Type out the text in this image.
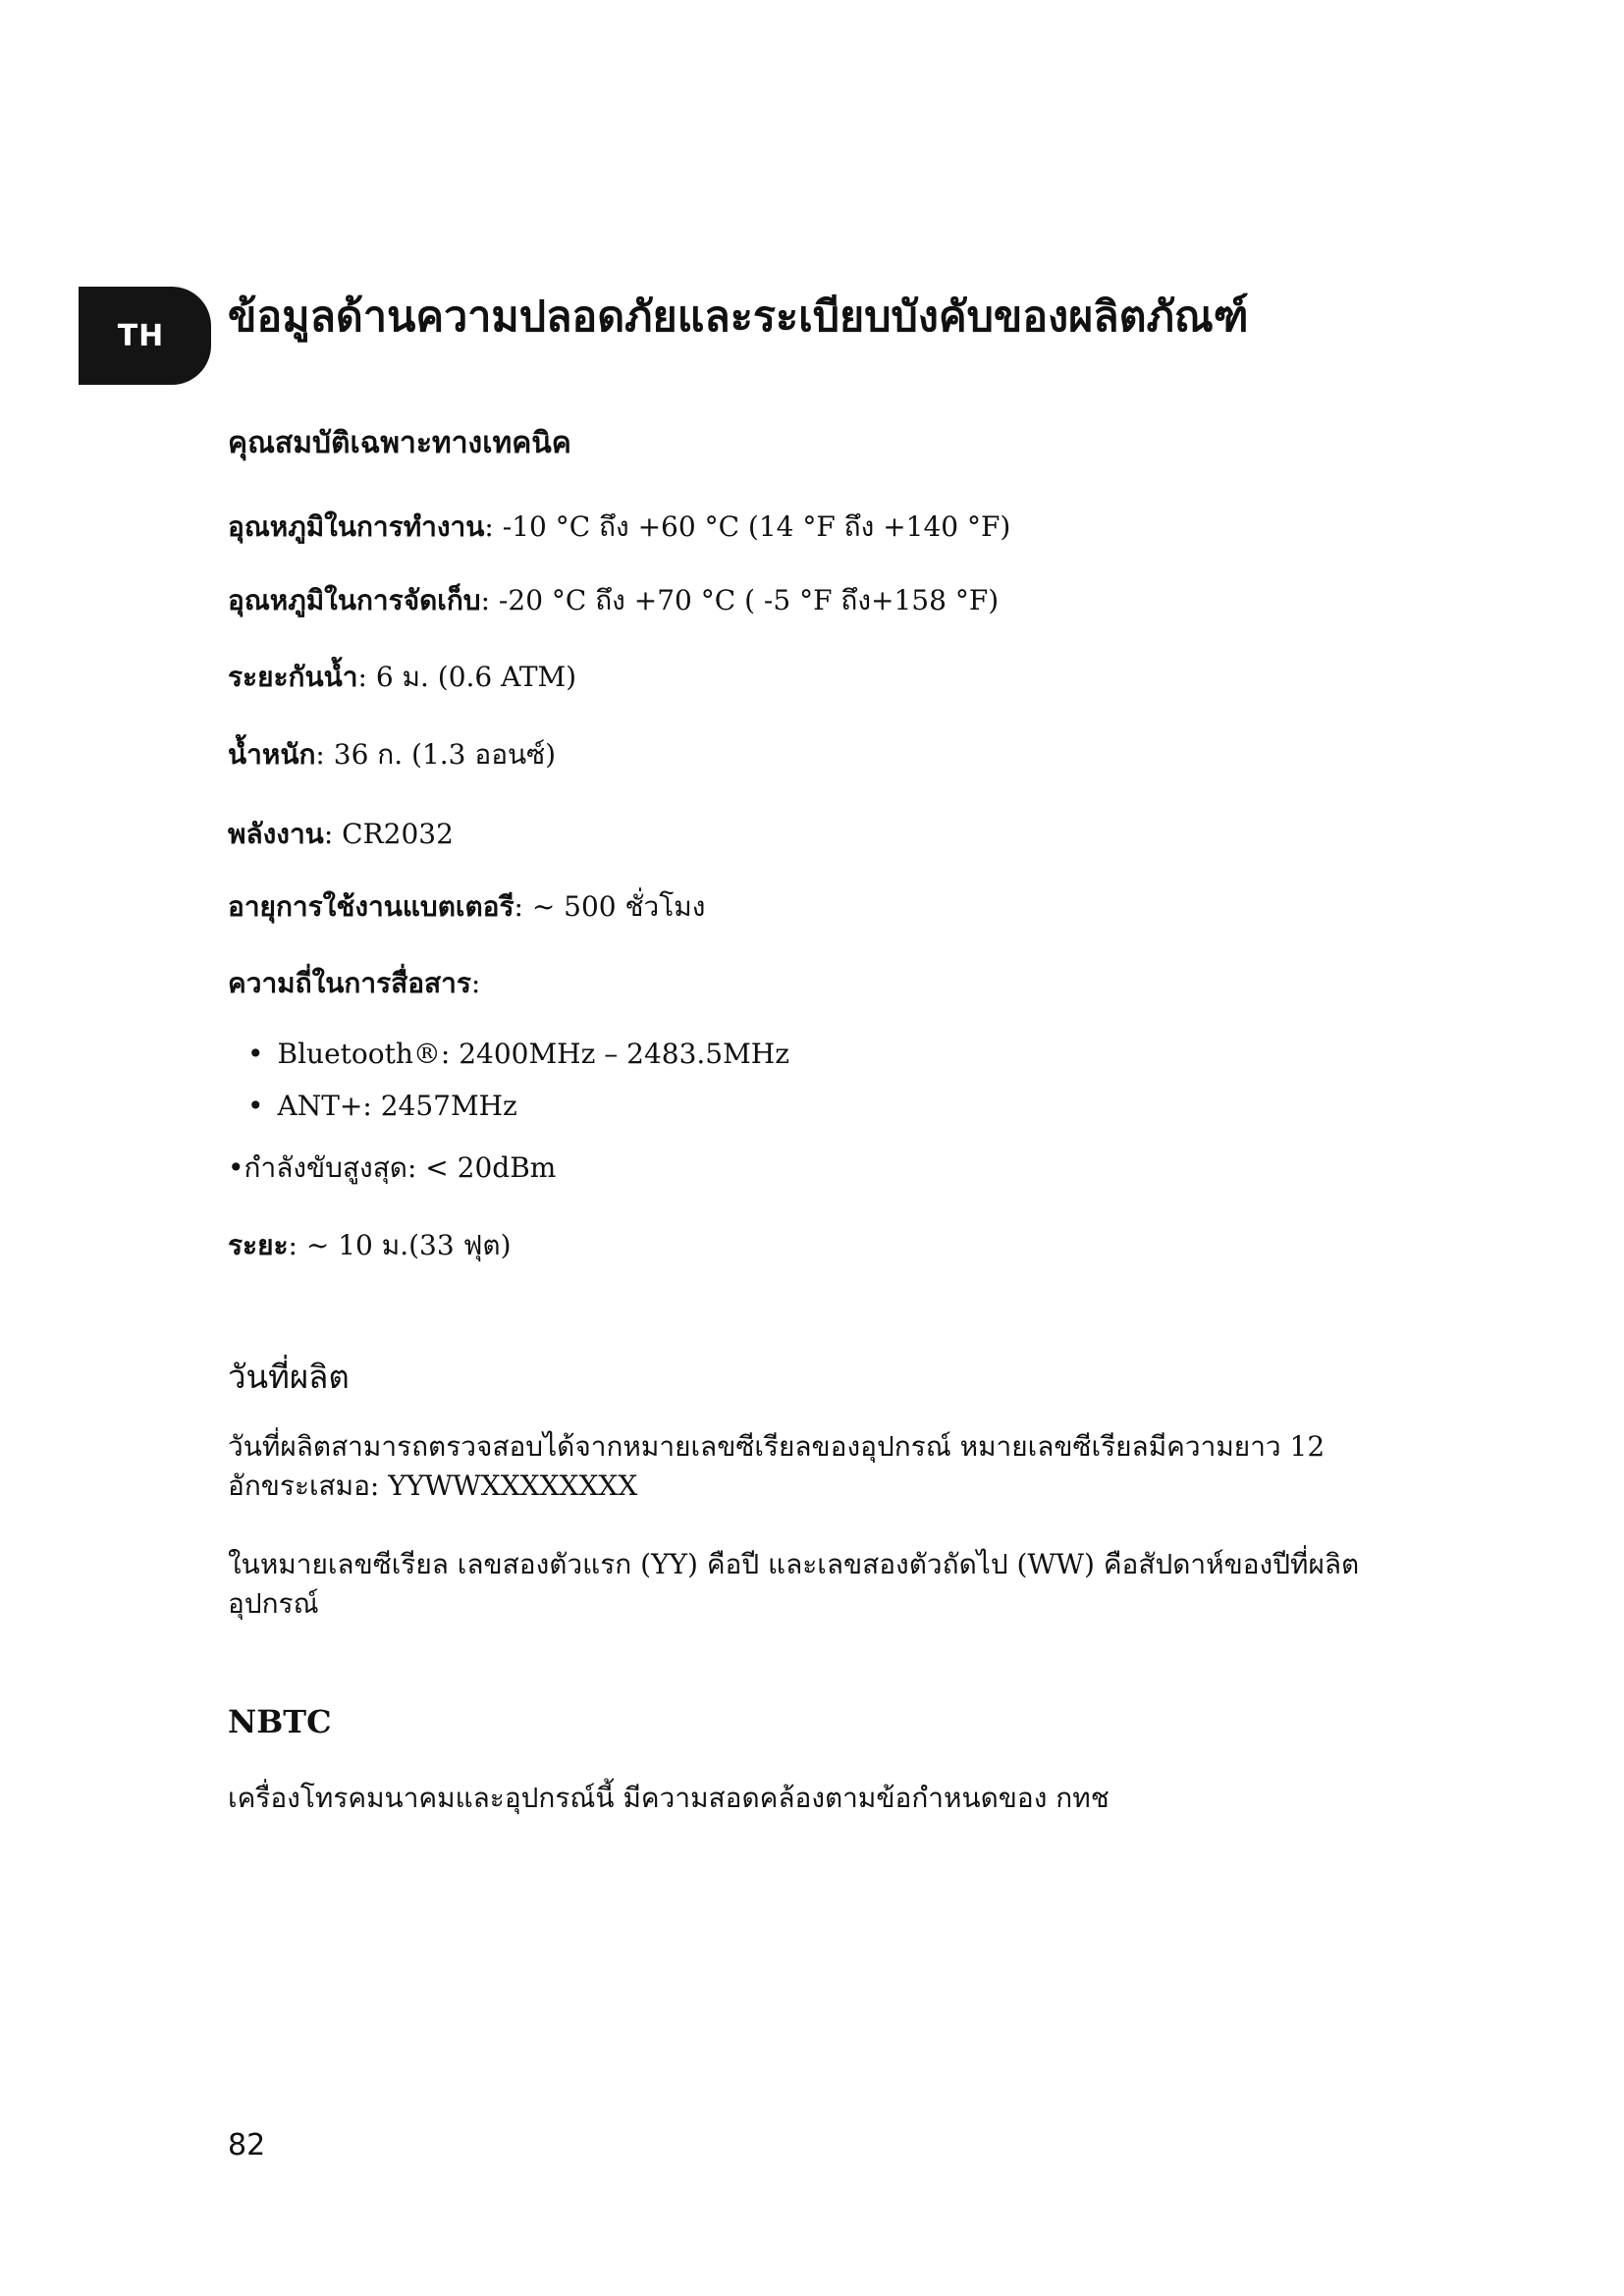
TH ข้อมูลด้านความปลอดภัยและระเบียบบังคับของผลิตภัณฑ์
คุณสมบัติเฉพาะทางเทคนิค

อุณหภูมิในการทำงาน: -10 °C ถึง +60 °C (14 °F ถึง +140 °F)

อุณหภูมิในการจัดเก็บ: -20 °C ถึง +70 °C ( -5 °F ถึง+158 °F)

ระยะกันน้ำ: 6 ม. (0.6 ATM)

น้ำหนัก: 36 ก. (1.3 ออนซ์)

พลังงาน: CR2032

อายุการใช้งานแบตเตอรี: ~ 500 ชั่วโมง

ความถี่ในการสื่อสาร:

• Bluetooth®: 2400MHz – 2483.5MHz

• ANT+: 2457MHz

•กำลังขับสูงสุด: < 20dBm

ระยะ: ~ 10 ม.(33 ฟุต)

วันที่ผลิต

วันที่ผลิตสามารถตรวจสอบได้จากหมายเลขซีเรียลของอุปกรณ์ หมายเลขซีเรียลมีความยาว 12 อักขระเสมอ: YYWWXXXXXXXX

ในหมายเลขซีเรียล เลขสองตัวแรก (YY) คือปี และเลขสองตัวถัดไป (WW) คือสัปดาห์ของปีที่ผลิตอุปกรณ์

NBTC

เครื่องโทรคมนาคมและอุปกรณ์นี้ มีความสอดคล้องตามข้อกำหนดของ กทช

82
